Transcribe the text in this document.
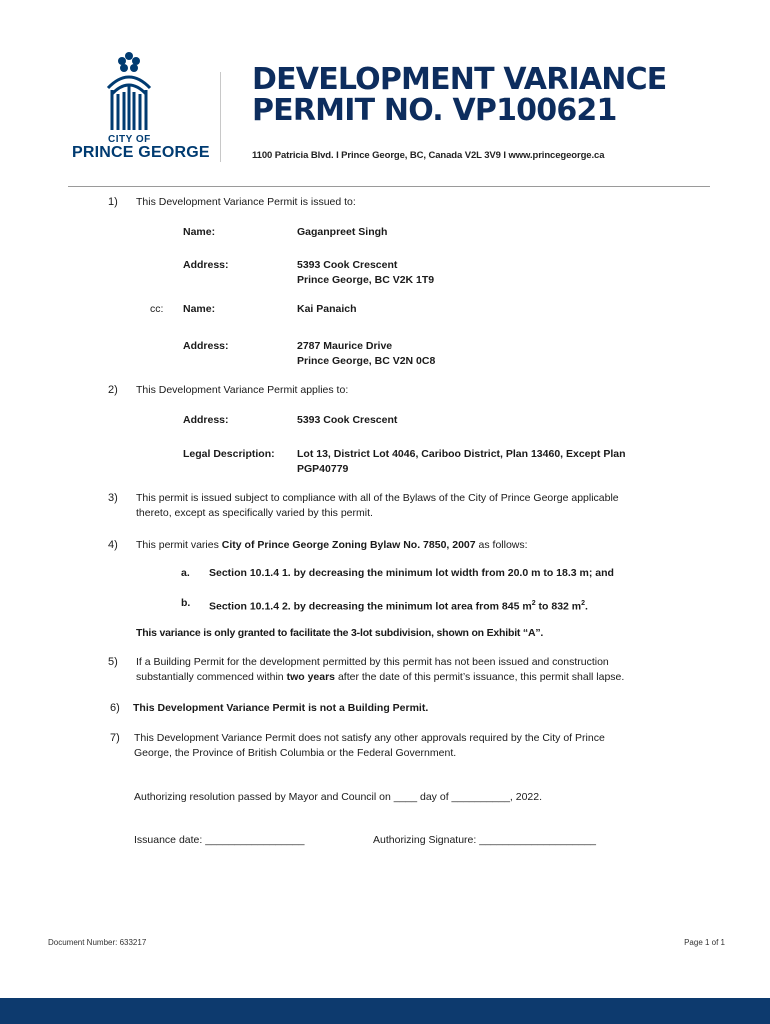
CITY OF
PRINCE GEORGE
DEVELOPMENT VARIANCE
PERMIT NO. VP100621
1100 Patricia Blvd. I Prince George, BC, Canada V2L 3V9 I www.princegeorge.ca
1) This Development Variance Permit is issued to:
Name:	Gaganpreet Singh
Address:	5393 Cook Crescent
Prince George, BC V2K 1T9
cc: Name:	Kai Panaich
Address:	2787 Maurice Drive
Prince George, BC V2N 0C8
2) This Development Variance Permit applies to:
Address:	5393 Cook Crescent
Legal Description: Lot 13, District Lot 4046, Cariboo District, Plan 13460, Except Plan
PGP40779
3) This permit is issued subject to compliance with all of the Bylaws of the City of Prince George applicable
thereto, except as specifically varied by this permit.
4) This permit varies City of Prince George Zoning Bylaw No. 7850, 2007 as follows:
a. Section 10.1.4 1. by decreasing the minimum lot width from 20.0 m to 18.3 m; and
b. Section 10.1.4 2. by decreasing the minimum lot area from 845 $m^2$ to 832 $m^2$.
This variance is only granted to facilitate the 3-lot subdivision, shown on Exhibit “A”.
5) If a Building Permit for the development permitted by this permit has not been issued and construction
substantially commenced within two years after the date of this permit’s issuance, this permit shall lapse.
6) This Development Variance Permit is not a Building Permit.
7) This Development Variance Permit does not satisfy any other approvals required by the City of Prince
George, the Province of British Columbia or the Federal Government.
Authorizing resolution passed by Mayor and Council on ____ day of __________, 2022.
Issuance date: _________________	Authorizing Signature: ____________________
Document Number: 633217	Page 1 of 1
